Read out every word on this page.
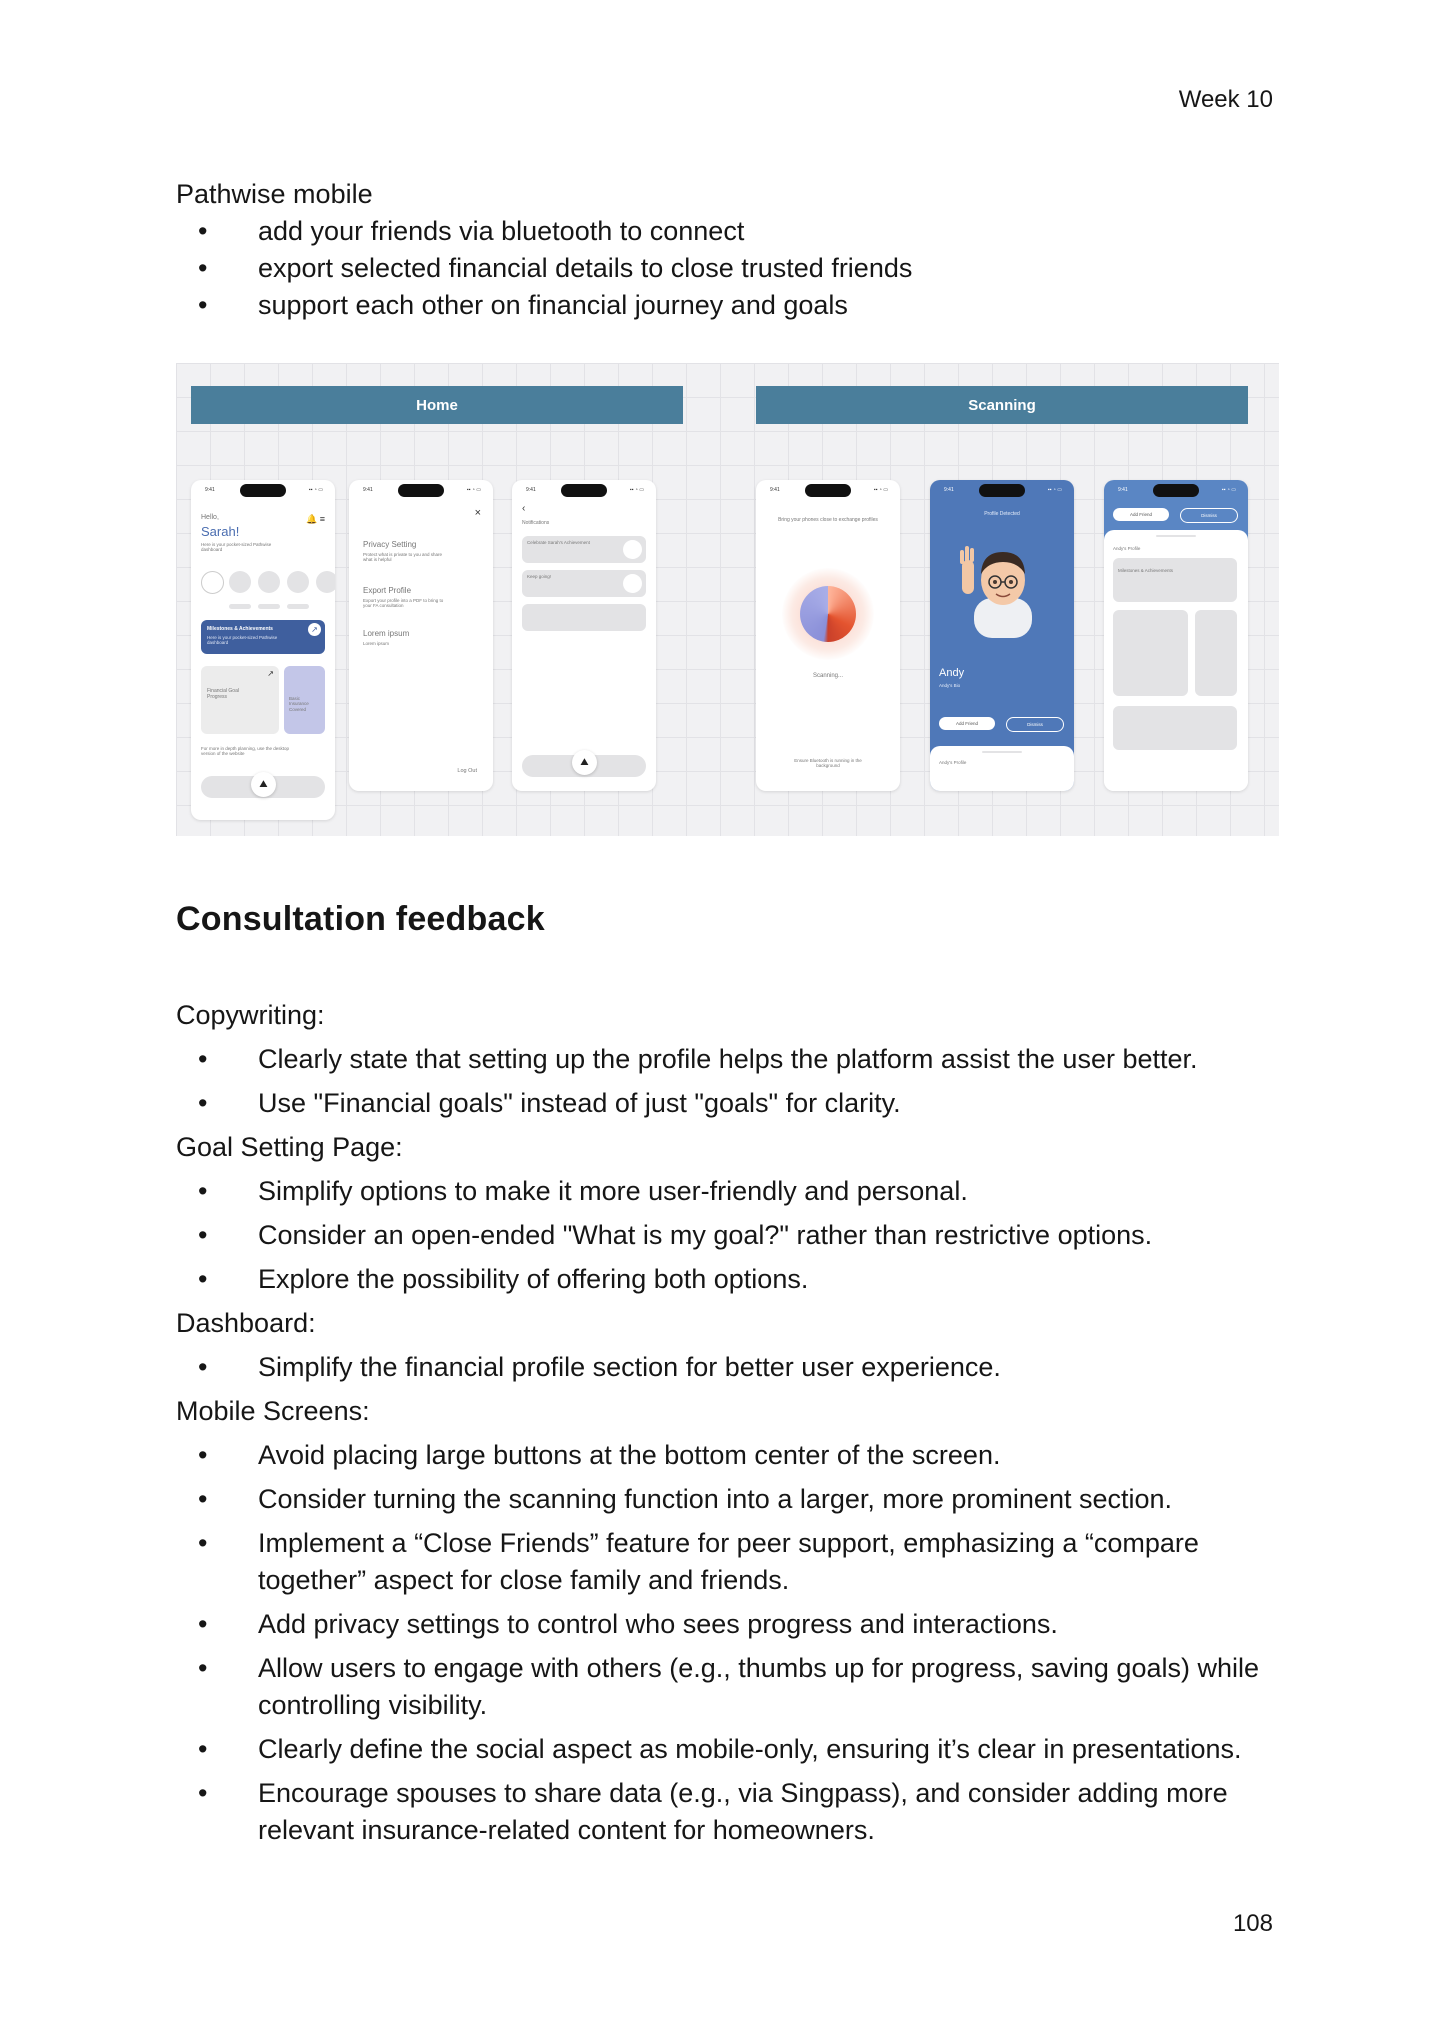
Week 10
Pathwise mobile
• add your friends via bluetooth to connect
• export selected financial details to close trusted friends
• support each other on financial journey and goals
Home	Scanning
9:41	▪▪ ◔ ▭
Hello,
Sarah!
Here is your pocket-sized Pathwise dashboard
🔔 ≡
Milestones & Achievements
Here is your pocket-sized Pathwise dashboard
↗
Financial Goal Progress
↗
Basic Insurance Covered
For more in depth planning, use the desktop version of the website
⛰
9:41	▪▪ ◔ ▭
×
Privacy Setting
Protect what is private to you and share what is helpful
Export Profile
Export your profile into a PDF to bring to your FA consultation
Lorem ipsum
Lorem ipsum
Log Out
9:41	▪▪ ◔ ▭
‹
Notifications
Celebrate Sarah's Achievement
Keep going!
⛰
9:41	▪▪ ◔ ▭
Bring your phones close to exchange profiles
Scanning...
Ensure Bluetooth is running in the background
9:41	▪▪ ◔ ▭
Profile Detected
Andy
Andy's Bio
Add Friend	Dismiss
Andy's Profile
9:41	▪▪ ◔ ▭
Add Friend	Dismiss
Andy's Profile
Milestones & Achievements
Consultation feedback
Copywriting:
• Clearly state that setting up the profile helps the platform assist the user better.
• Use "Financial goals" instead of just "goals" for clarity.
Goal Setting Page:
• Simplify options to make it more user-friendly and personal.
• Consider an open-ended "What is my goal?" rather than restrictive options.
• Explore the possibility of offering both options.
Dashboard:
• Simplify the financial profile section for better user experience.
Mobile Screens:
• Avoid placing large buttons at the bottom center of the screen.
• Consider turning the scanning function into a larger, more prominent section.
• Implement a “Close Friends” feature for peer support, emphasizing a “compare together” aspect for close family and friends.
• Add privacy settings to control who sees progress and interactions.
• Allow users to engage with others (e.g., thumbs up for progress, saving goals) while controlling visibility.
• Clearly define the social aspect as mobile-only, ensuring it’s clear in presentations.
• Encourage spouses to share data (e.g., via Singpass), and consider adding more relevant insurance-related content for homeowners.
108
